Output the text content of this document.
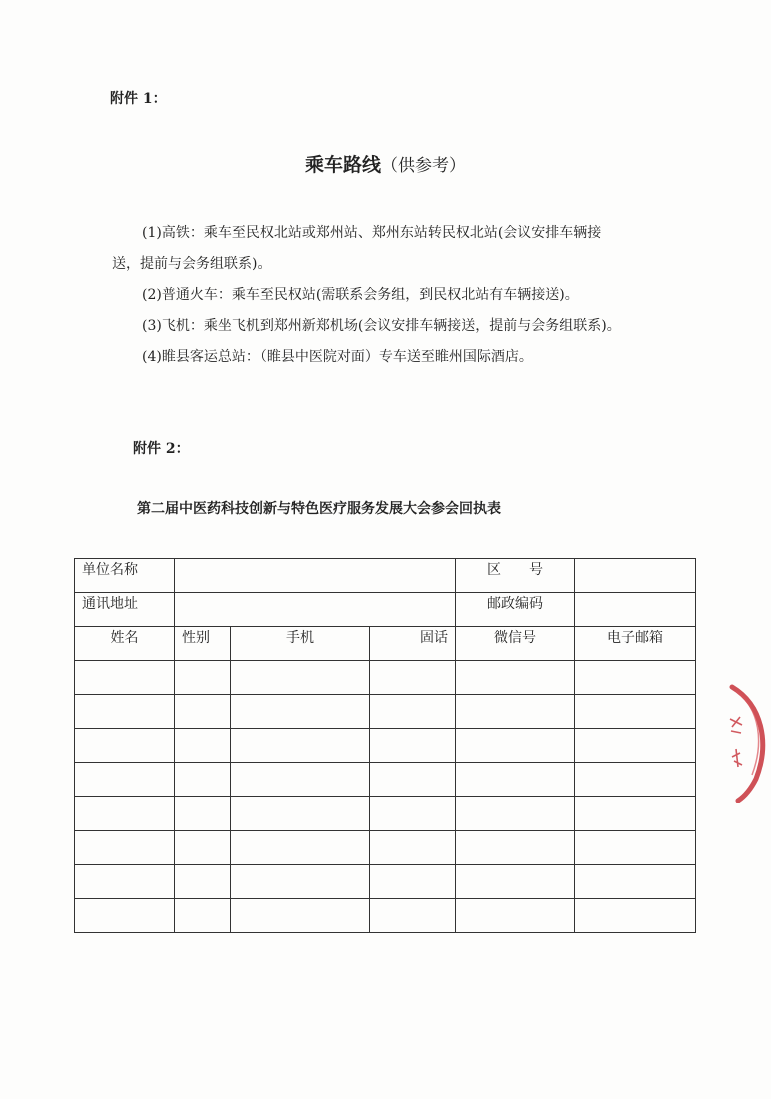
附件 1：
乘车路线（供参考）

(1)高铁：乘车至民权北站或郑州站、郑州东站转民权北站(会议安排车辆接

送，提前与会务组联系)。

(2)普通火车：乘车至民权站(需联系会务组，到民权北站有车辆接送)。

(3)飞机：乘坐飞机到郑州新郑机场(会议安排车辆接送，提前与会务组联系)。

(4)睢县客运总站：（睢县中医院对面）专车送至睢州国际酒店。

附件 2：
第二届中医药科技创新与特色医疗服务发展大会参会回执表
单位名称				区　　号	
通讯地址				邮政编码	
姓名	性别	手机	固话	微信号	电子邮箱
